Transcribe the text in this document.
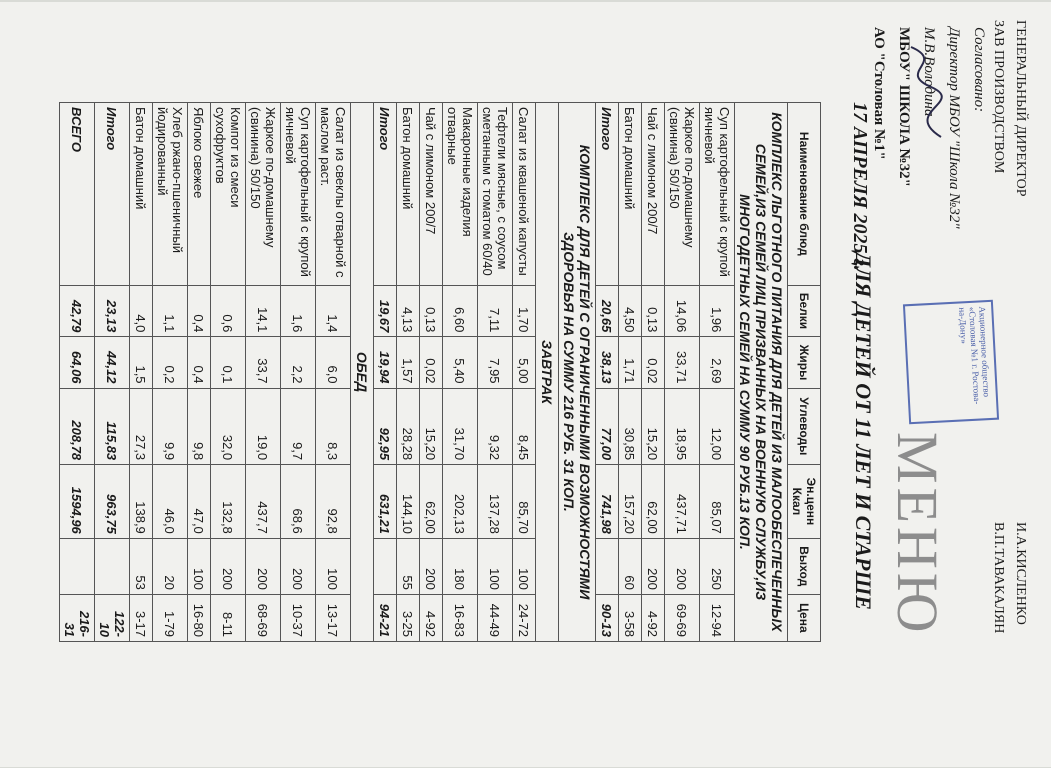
ГЕНЕРАЛЬНЫЙ ДИРЕКТОР
ЗАВ ПРОИЗВОДСТВОМ
И.А.КИСЛЕНКО
В.П.ТАВАКАЛЯН
Согласовано:
Директор МБОУ "Школа №32"
М.В.Володина
МБОУ" ШКОЛА №32"
АО "Столовая №1"
Акционерное общество «Столовая №1 г. Ростова-на-Дону»
МЕНЮ
ДЛЯ ДЕТЕЙ ОТ 11 ЛЕТ И СТАРШЕ
17 АПРЕЛЯ 2025 г.
Наименование блюд	Белки	Жиры	Углеводы	Эн.ценн Ккал	Выход	Цена
КОМПЛЕКС ЛЬГОТНОГО ПИТАНИЯ ДЛЯ ДЕТЕЙ ИЗ МАЛООБЕСПЕЧЕННЫХ СЕМЕЙ,ИЗ СЕМЕЙ ЛИЦ ПРИЗВАННЫХ НА ВОЕННУЮ СЛУЖБУ,ИЗ МНОГОДЕТНЫХ СЕМЕЙ НА СУММУ 90 РУБ.13 КОП.						
Суп картофельный с крупой яичневой	1,96	2,69	12,00	85,07	250	12-94
Жаркое по-домашнему (свинина) 50/150	14,06	33,71	18,95	437,71	200	69-69
Чай с лимоном 200/7	0,13	0,02	15,20	62,00	200	4-92
Батон домашний	4,50	1,71	30,85	157,20	60	3-58
Итого	20,65	38,13	77,00	741,98		90-13
КОМПЛЕКС ДЛЯ ДЕТЕЙ С ОГРАНИЧЕННЫМИ ВОЗМОЖНОСТЯМИ ЗДОРОВЬЯ НА СУММУ 216 РУБ. 31 КОП.						
ЗАВТРАК						
Салат из квашеной капусты	1,70	5,00	8,45	85,70	100	24-72
Тефтели мясные, с соусом сметанным с томатом 60/40	7,11	7,95	9,32	137,28	100	44-49
Макаронные изделия отварные	6,60	5,40	31,70	202,13	180	16-83
Чай с лимоном 200/7	0,13	0,02	15,20	62,00	200	4-92
Батон домашний	4,13	1,57	28,28	144,10	55	3-25
Итого	19,67	19,94	92,95	631,21		94-21
ОБЕД						
Салат из свеклы отварной с маслом раст.	1,4	6,0	8,3	92,8	100	13-17
Суп картофельный с крупой яичневой	1,6	2,2	9,7	68,6	200	10-37
Жаркое по-домашнему (свинина) 50/150	14,1	33,7	19,0	437,7	200	68-69
Компот из смеси сухофруктов	0,6	0,1	32,0	132,8	200	8-11
Яблоко свежее	0,4	0,4	9,8	47,0	100	16-80
Хлеб ржано-пшеничный йодированный	1,1	0,2	9,9	46,0	20	1-79
Батон домашний	4,0	1,5	27,3	138,9	53	3-17
Итого	23,13	44,12	115,83	963,75		122-10
ВСЕГО	42,79	64,06	208,78	1594,96		216-31
